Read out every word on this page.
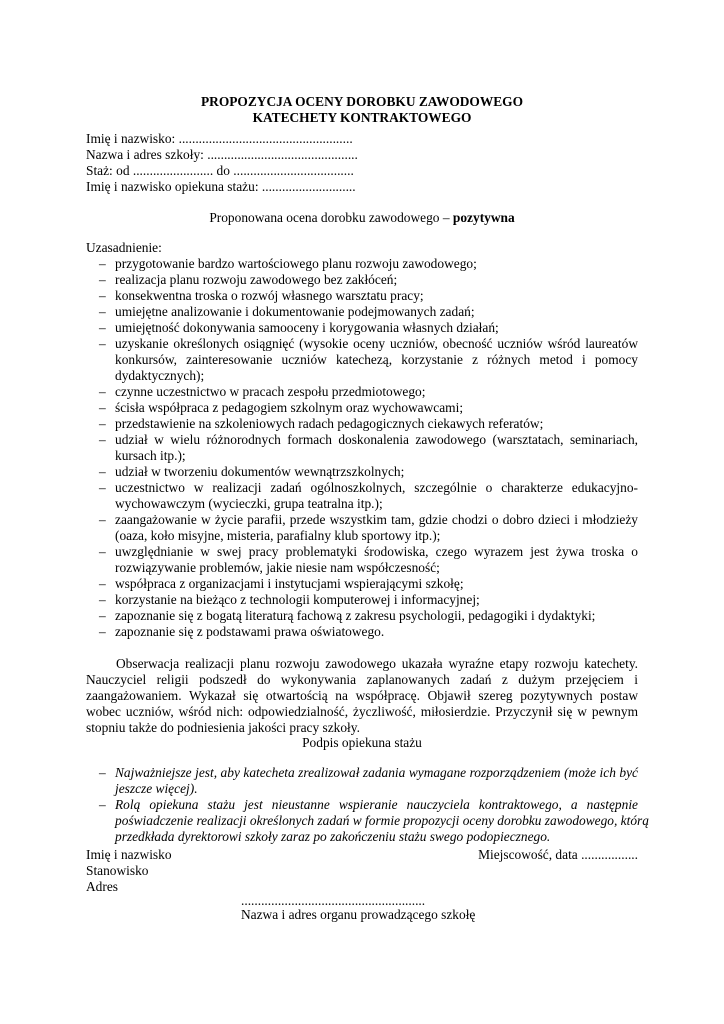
PROPOZYCJA OCENY DOROBKU ZAWODOWEGO
KATECHETY KONTRAKTOWEGO
Imię i nazwisko: ....................................................
Nazwa i adres szkoły: .............................................
Staż: od ........................ do ....................................
Imię i nazwisko opiekuna stażu: ............................
Proponowana ocena dorobku zawodowego – pozytywna
Uzasadnienie:
– przygotowanie bardzo wartościowego planu rozwoju zawodowego;
– realizacja planu rozwoju zawodowego bez zakłóceń;
– konsekwentna troska o rozwój własnego warsztatu pracy;
– umiejętne analizowanie i dokumentowanie podejmowanych zadań;
– umiejętność dokonywania samooceny i korygowania własnych działań;
– uzyskanie określonych osiągnięć (wysokie oceny uczniów, obecność uczniów wśród laureatów
konkursów, zainteresowanie uczniów katechezą, korzystanie z różnych metod i pomocy
dydaktycznych);
– czynne uczestnictwo w pracach zespołu przedmiotowego;
– ścisła współpraca z pedagogiem szkolnym oraz wychowawcami;
– przedstawienie na szkoleniowych radach pedagogicznych ciekawych referatów;
– udział w wielu różnorodnych formach doskonalenia zawodowego (warsztatach, seminariach,
kursach itp.);
– udział w tworzeniu dokumentów wewnątrzszkolnych;
– uczestnictwo w realizacji zadań ogólnoszkolnych, szczególnie o charakterze edukacyjno-
wychowawczym (wycieczki, grupa teatralna itp.);
– zaangażowanie w życie parafii, przede wszystkim tam, gdzie chodzi o dobro dzieci i młodzieży
(oaza, koło misyjne, misteria, parafialny klub sportowy itp.);
– uwzględnianie w swej pracy problematyki środowiska, czego wyrazem jest żywa troska o
rozwiązywanie problemów, jakie niesie nam współczesność;
– współpraca z organizacjami i instytucjami wspierającymi szkołę;
– korzystanie na bieżąco z technologii komputerowej i informacyjnej;
– zapoznanie się z bogatą literaturą fachową z zakresu psychologii, pedagogiki i dydaktyki;
– zapoznanie się z podstawami prawa oświatowego.
Obserwacja realizacji planu rozwoju zawodowego ukazała wyraźne etapy rozwoju katechety.
Nauczyciel religii podszedł do wykonywania zaplanowanych zadań z dużym przejęciem i
zaangażowaniem. Wykazał się otwartością na współpracę. Objawił szereg pozytywnych postaw
wobec uczniów, wśród nich: odpowiedzialność, życzliwość, miłosierdzie. Przyczynił się w pewnym
stopniu także do podniesienia jakości pracy szkoły.
Podpis opiekuna stażu
– Najważniejsze jest, aby katecheta zrealizował zadania wymagane rozporządzeniem (może ich być
jeszcze więcej).
– Rolą opiekuna stażu jest nieustanne wspieranie nauczyciela kontraktowego, a następnie
poświadczenie realizacji określonych zadań w formie propozycji oceny dorobku zawodowego, którą
przedkłada dyrektorowi szkoły zaraz po zakończeniu stażu swego podopiecznego.
Imię i nazwisko
Stanowisko
Adres
Miejscowość, data .................
.......................................................
Nazwa i adres organu prowadzącego szkołę
